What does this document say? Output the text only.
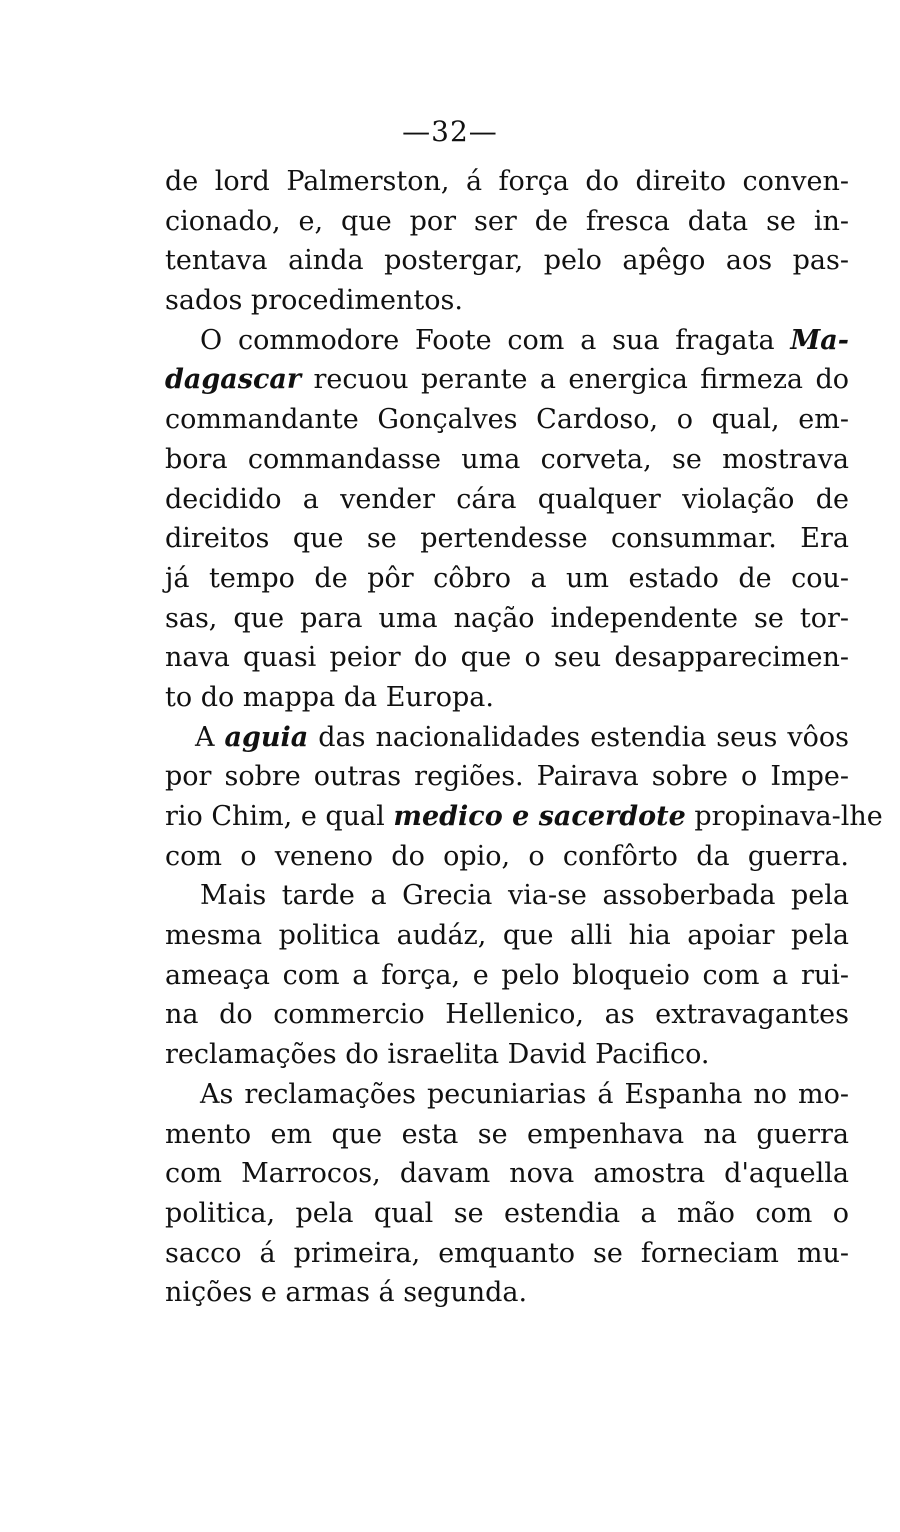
—32—
de lord Palmerston, á força do direito conven-
cionado, e, que por ser de fresca data se in-
tentava ainda postergar, pelo apêgo aos pas-
sados procedimentos.
O commodore Foote com a sua fragata Ma-
dagascar recuou perante a energica firmeza do
commandante Gonçalves Cardoso, o qual, em-
bora commandasse uma corveta, se mostrava
decidido a vender cára qualquer violação de
direitos que se pertendesse consummar. Era
já tempo de pôr côbro a um estado de cou-
sas, que para uma nação independente se tor-
nava quasi peior do que o seu desapparecimen-
to do mappa da Europa.
A aguia das nacionalidades estendia seus vôos
por sobre outras regiões. Pairava sobre o Impe-
rio Chim, e qual medico e sacerdote propinava-lhe
com o veneno do opio, o confôrto da guerra.
Mais tarde a Grecia via-se assoberbada pela
mesma politica audáz, que alli hia apoiar pela
ameaça com a força, e pelo bloqueio com a rui-
na do commercio Hellenico, as extravagantes
reclamações do israelita David Pacifico.
As reclamações pecuniarias á Espanha no mo-
mento em que esta se empenhava na guerra
com Marrocos, davam nova amostra d'aquella
politica, pela qual se estendia a mão com o
sacco á primeira, emquanto se forneciam mu-
nições e armas á segunda.
